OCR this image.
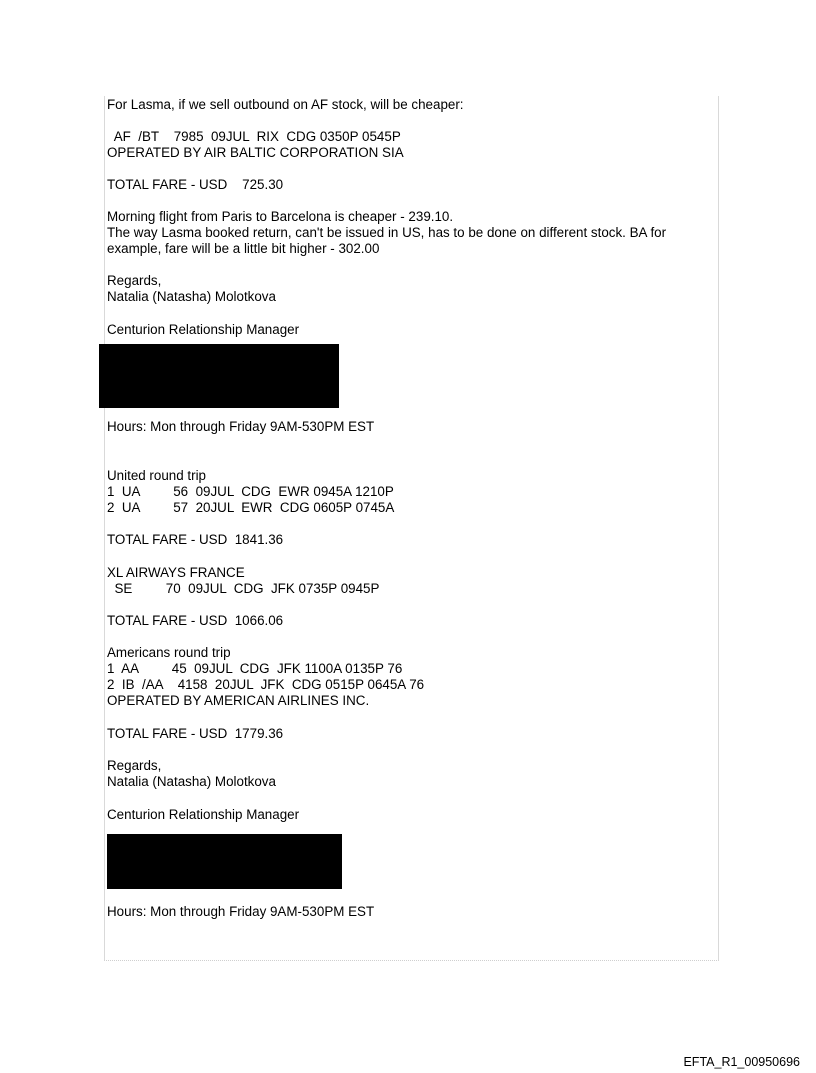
For Lasma, if we sell outbound on AF stock, will be cheaper:

AF  /BT    7985  09JUL  RIX  CDG 0350P 0545P

OPERATED BY AIR BALTIC CORPORATION SIA

TOTAL FARE - USD    725.30

Morning flight from Paris to Barcelona is cheaper - 239.10.

The way Lasma booked return, can't be issued in US, has to be done on different stock. BA for

example, fare will be a little bit higher - 302.00

Regards,

Natalia (Natasha) Molotkova

Centurion Relationship Manager

Hours: Mon through Friday 9AM-530PM EST

United round trip

1  UA         56  09JUL  CDG  EWR 0945A 1210P

2  UA         57  20JUL  EWR  CDG 0605P 0745A

TOTAL FARE - USD  1841.36

XL AIRWAYS FRANCE

SE         70  09JUL  CDG  JFK 0735P 0945P

TOTAL FARE - USD  1066.06

Americans round trip

1  AA         45  09JUL  CDG  JFK 1100A 0135P 76

2  IB  /AA    4158  20JUL  JFK  CDG 0515P 0645A 76

OPERATED BY AMERICAN AIRLINES INC.

TOTAL FARE - USD  1779.36

Regards,

Natalia (Natasha) Molotkova

Centurion Relationship Manager

Hours: Mon through Friday 9AM-530PM EST

EFTA_R1_00950696
